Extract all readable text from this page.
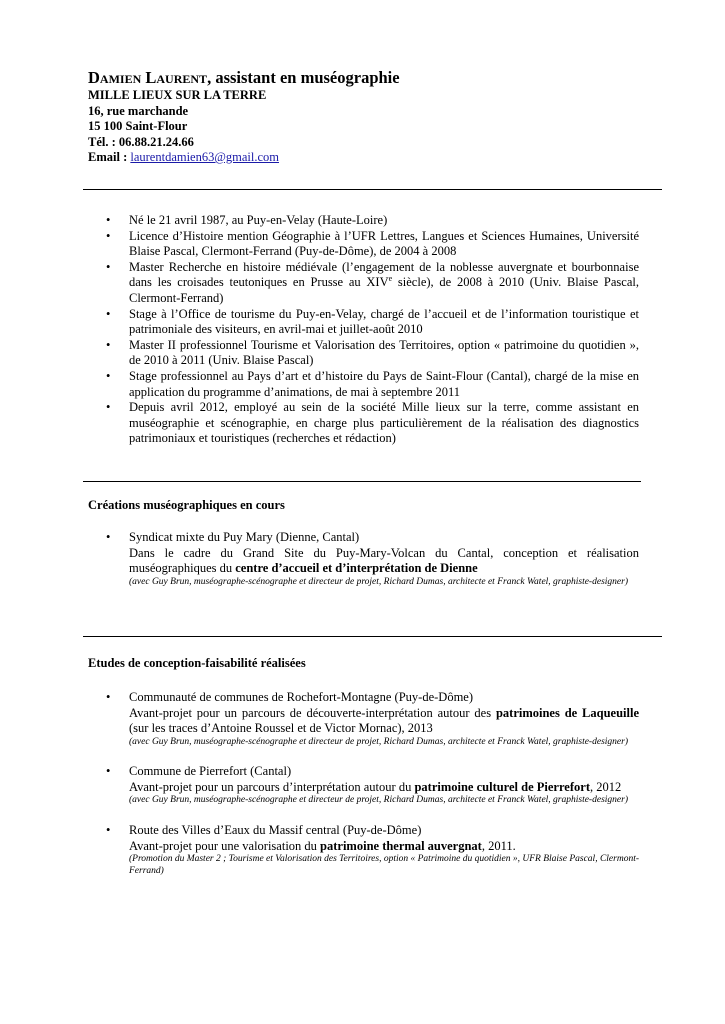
Damien Laurent, assistant en muséographie
MILLE LIEUX SUR LA TERRE
16, rue marchande
15 100 Saint-Flour
Tél. : 06.88.21.24.66
Email : laurentdamien63@gmail.com
• Né le 21 avril 1987, au Puy-en-Velay (Haute-Loire)
• Licence d’Histoire mention Géographie à l’UFR Lettres, Langues et Sciences Humaines, Université Blaise Pascal, Clermont-Ferrand (Puy-de-Dôme), de 2004 à 2008
• Master Recherche en histoire médiévale (l’engagement de la noblesse auvergnate et bourbonnaise dans les croisades teutoniques en Prusse au XIVe siècle), de 2008 à 2010 (Univ. Blaise Pascal, Clermont-Ferrand)
• Stage à l’Office de tourisme du Puy-en-Velay, chargé de l’accueil et de l’information touristique et patrimoniale des visiteurs, en avril-mai et juillet-août 2010
• Master II professionnel Tourisme et Valorisation des Territoires, option « patrimoine du quotidien », de 2010 à 2011 (Univ. Blaise Pascal)
• Stage professionnel au Pays d’art et d’histoire du Pays de Saint-Flour (Cantal), chargé de la mise en application du programme d’animations, de mai à septembre 2011
• Depuis avril 2012, employé au sein de la société Mille lieux sur la terre, comme assistant en muséographie et scénographie, en charge plus particulièrement de la réalisation des diagnostics patrimoniaux et touristiques (recherches et rédaction)
Créations muséographiques en cours
• Syndicat mixte du Puy Mary (Dienne, Cantal)
Dans le cadre du Grand Site du Puy-Mary-Volcan du Cantal, conception et réalisation muséographiques du centre d’accueil et d’interprétation de Dienne
(avec Guy Brun, muséographe-scénographe et directeur de projet, Richard Dumas, architecte et Franck Watel, graphiste-designer)
Etudes de conception-faisabilité réalisées
• Communauté de communes de Rochefort-Montagne (Puy-de-Dôme)
Avant-projet pour un parcours de découverte-interprétation autour des patrimoines de Laqueuille (sur les traces d’Antoine Roussel et de Victor Mornac), 2013
(avec Guy Brun, muséographe-scénographe et directeur de projet, Richard Dumas, architecte et Franck Watel, graphiste-designer)
• Commune de Pierrefort (Cantal)
Avant-projet pour un parcours d’interprétation autour du patrimoine culturel de Pierrefort, 2012
(avec Guy Brun, muséographe-scénographe et directeur de projet, Richard Dumas, architecte et Franck Watel, graphiste-designer)
• Route des Villes d’Eaux du Massif central (Puy-de-Dôme)
Avant-projet pour une valorisation du patrimoine thermal auvergnat, 2011.
(Promotion du Master 2 ; Tourisme et Valorisation des Territoires, option « Patrimoine du quotidien », UFR Blaise Pascal, Clermont-Ferrand)
